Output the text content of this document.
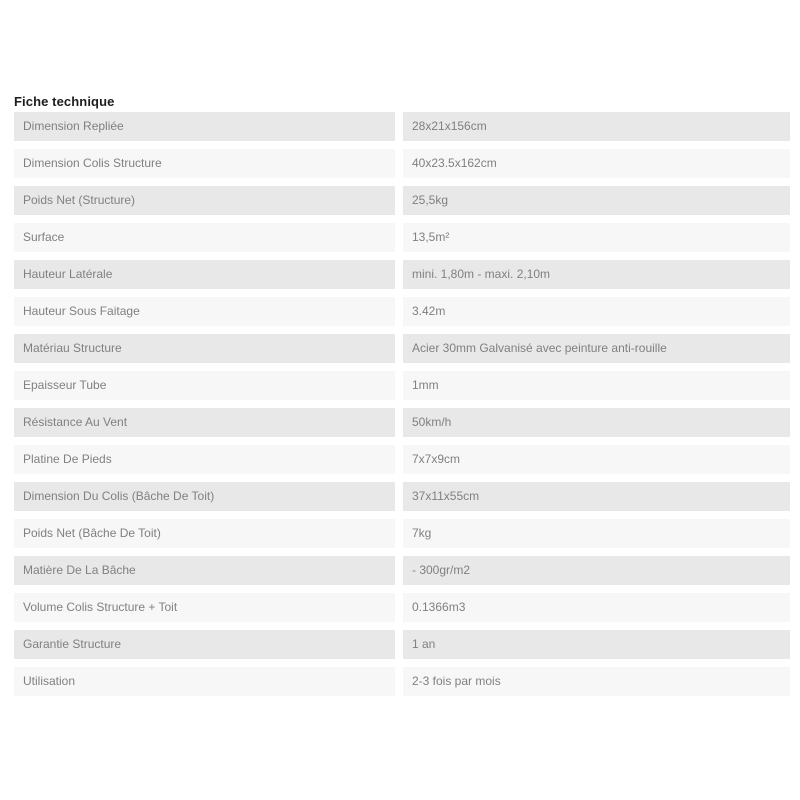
Fiche technique
Dimension Repliée	28x21x156cm
Dimension Colis Structure	40x23.5x162cm
Poids Net (Structure)	25,5kg
Surface	13,5m²
Hauteur Latérale	mini. 1,80m - maxi. 2,10m
Hauteur Sous Faitage	3.42m
Matériau Structure	Acier 30mm Galvanisé avec peinture anti-rouille
Epaisseur Tube	1mm
Résistance Au Vent	50km/h
Platine De Pieds	7x7x9cm
Dimension Du Colis (Bâche De Toit)	37x11x55cm
Poids Net (Bâche De Toit)	7kg
Matière De La Bâche	- 300gr/m2
Volume Colis Structure + Toit	0.1366m3
Garantie Structure	1 an
Utilisation	2-3 fois par mois
